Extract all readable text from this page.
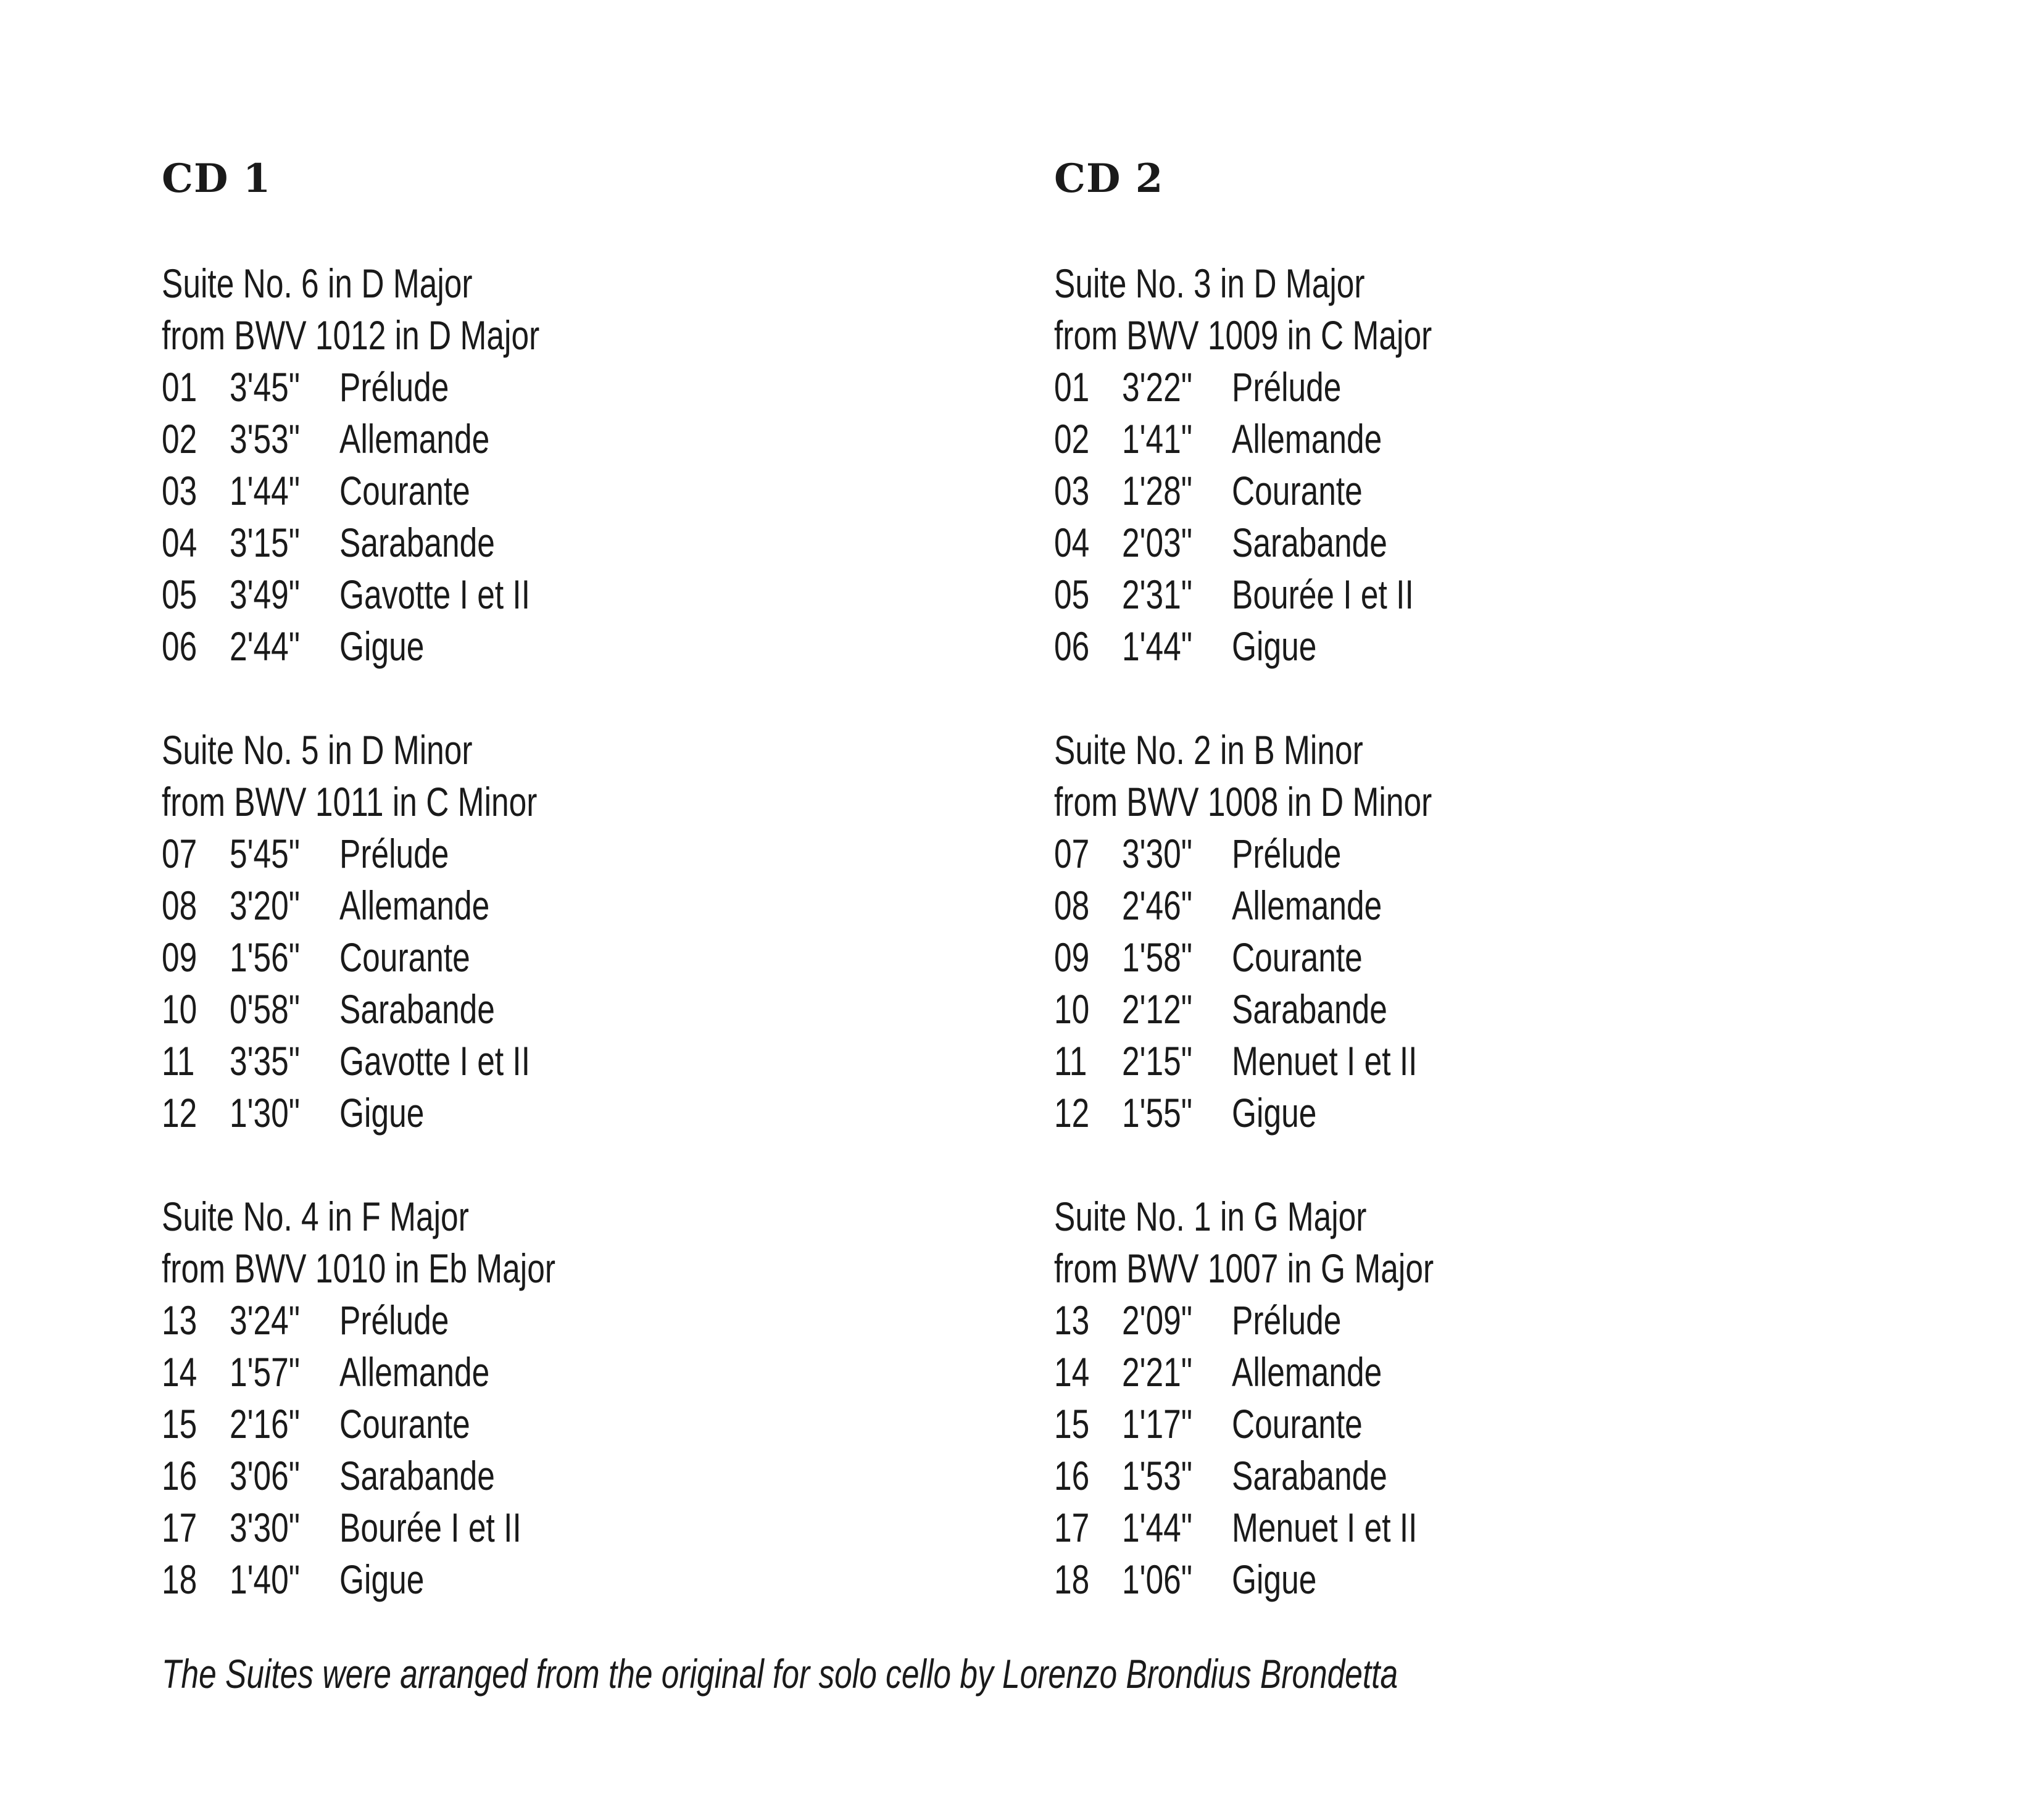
CD 1
Suite No. 6 in D Major
from BWV 1012 in D Major
01 3'45" Prélude
02 3'53" Allemande
03 1'44" Courante
04 3'15" Sarabande
05 3'49" Gavotte I et II
06 2'44" Gigue
Suite No. 5 in D Minor
from BWV 1011 in C Minor
07 5'45" Prélude
08 3'20" Allemande
09 1'56" Courante
10 0'58" Sarabande
11 3'35" Gavotte I et II
12 1'30" Gigue
Suite No. 4 in F Major
from BWV 1010 in Eb Major
13 3'24" Prélude
14 1'57" Allemande
15 2'16" Courante
16 3'06" Sarabande
17 3'30" Bourée I et II
18 1'40" Gigue
CD 2
Suite No. 3 in D Major
from BWV 1009 in C Major
01 3'22" Prélude
02 1'41" Allemande
03 1'28" Courante
04 2'03" Sarabande
05 2'31" Bourée I et II
06 1'44" Gigue
Suite No. 2 in B Minor
from BWV 1008 in D Minor
07 3'30" Prélude
08 2'46" Allemande
09 1'58" Courante
10 2'12" Sarabande
11 2'15" Menuet I et II
12 1'55" Gigue
Suite No. 1 in G Major
from BWV 1007 in G Major
13 2'09" Prélude
14 2'21" Allemande
15 1'17" Courante
16 1'53" Sarabande
17 1'44" Menuet I et II
18 1'06" Gigue
The Suites were arranged from the original for solo cello by Lorenzo Brondius Brondetta
